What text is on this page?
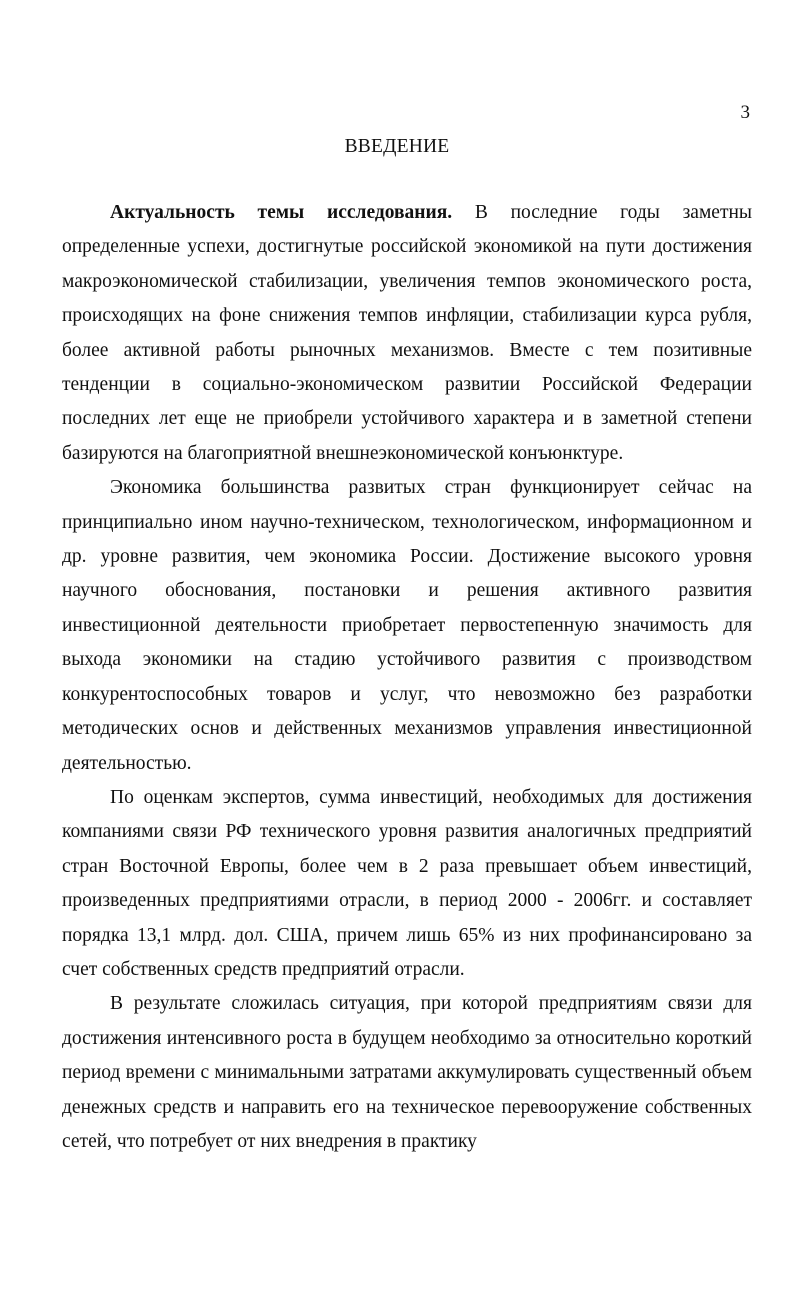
3

ВВЕДЕНИЕ

Актуальность темы исследования. В последние годы заметны определенные успехи, достигнутые российской экономикой на пути достижения макроэкономической стабилизации, увеличения темпов экономического роста, происходящих на фоне снижения темпов инфляции, стабилизации курса рубля, более активной работы рыночных механизмов. Вместе с тем позитивные тенденции в социально-экономическом развитии Российской Федерации последних лет еще не приобрели устойчивого характера и в заметной степени базируются на благоприятной внешнеэкономической конъюнктуре.

Экономика большинства развитых стран функционирует сейчас на принципиально ином научно-техническом, технологическом, информационном и др. уровне развития, чем экономика России. Достижение высокого уровня научного обоснования, постановки и решения активного развития инвестиционной деятельности приобретает первостепенную значимость для выхода экономики на стадию устойчивого развития с производством конкурентоспособных товаров и услуг, что невозможно без разработки методических основ и действенных механизмов управления инвестиционной деятельностью.

По оценкам экспертов, сумма инвестиций, необходимых для достижения компаниями связи РФ технического уровня развития аналогичных предприятий стран Восточной Европы, более чем в 2 раза превышает объем инвестиций, произведенных предприятиями отрасли, в период 2000 - 2006гг. и составляет порядка 13,1 млрд. дол. США, причем лишь 65% из них профинансировано за счет собственных средств предприятий отрасли.

В результате сложилась ситуация, при которой предприятиям связи для достижения интенсивного роста в будущем необходимо за относительно короткий период времени с минимальными затратами аккумулировать существенный объем денежных средств и направить его на техническое перевооружение собственных сетей, что потребует от них внедрения в практику
